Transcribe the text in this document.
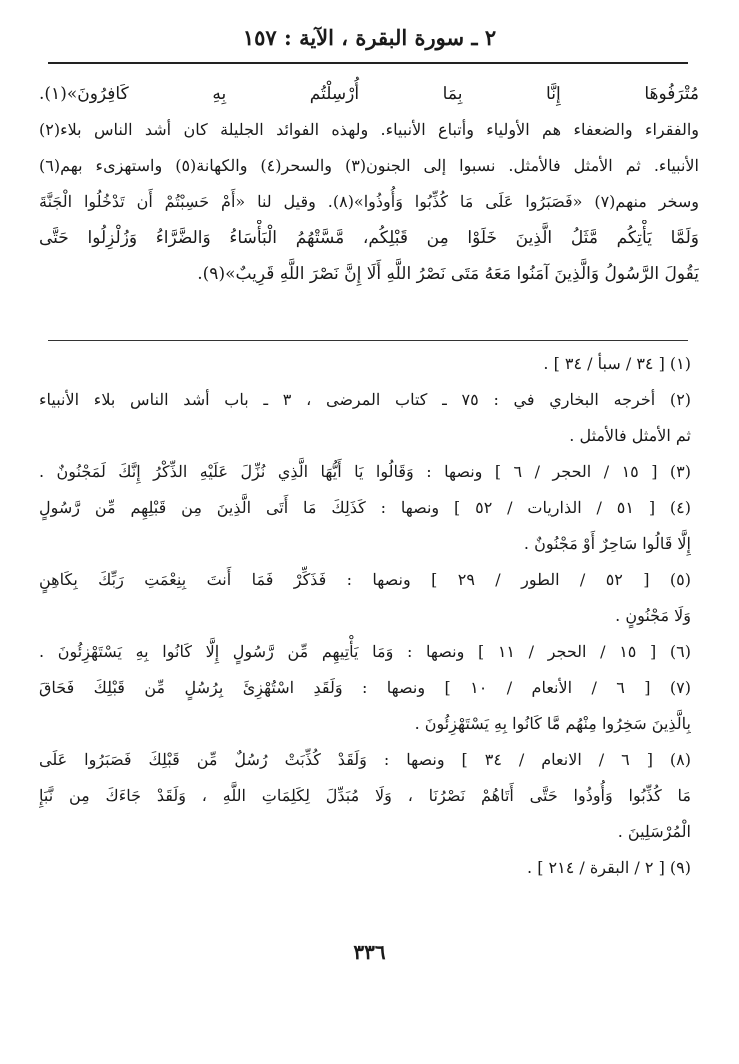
٢ ـ سورة البقرة ، الآية : ١٥٧
مُتْرَفُوهَا إِنَّا بِمَا أُرْسِلْتُم بِهِ كَافِرُونَ»(١).
والفقراء والضعفاء هم الأولياء وأتباع الأنبياء. ولهذه الفوائد الجليلة كان أشد الناس بلاء(٢)
الأنبياء. ثم الأمثل فالأمثل. نسبوا إلى الجنون(٣) والسحر(٤) والكهانة(٥) واستهزىء بهم(٦)
وسخر منهم(٧) «فَصَبَرُوا عَلَى مَا كُذِّبُوا وَأُوذُوا»(٨). وقيل لنا «أَمْ حَسِبْتُمْ أَن تَدْخُلُوا الْجَنَّةَ
وَلَمَّا يَأْتِكُم مَّثَلُ الَّذِينَ خَلَوْا مِن قَبْلِكُم، مَّسَّتْهُمُ الْبَأْسَاءُ وَالضَّرَّاءُ وَزُلْزِلُوا حَتَّى
يَقُولَ الرَّسُولُ وَالَّذِينَ آمَنُوا مَعَهُ مَتَى نَصْرُ اللَّهِ أَلَا إِنَّ نَصْرَ اللَّهِ قَرِيبٌ»(٩).
(١) [ ٣٤ / سبأ / ٣٤ ] .
(٢) أخرجه البخاري في : ٧٥ ـ كتاب المرضى ، ٣ ـ باب أشد الناس بلاء الأنبياء
ثم الأمثل فالأمثل .
(٣) [ ١٥ / الحجر / ٦ ] ونصها : وَقَالُوا يَا أَيُّهَا الَّذِي نُزِّلَ عَلَيْهِ الذِّكْرُ إِنَّكَ لَمَجْنُونٌ .
(٤) [ ٥١ / الذاريات / ٥٢ ] ونصها : كَذَلِكَ مَا أَتَى الَّذِينَ مِن قَبْلِهِم مِّن رَّسُولٍ
إِلَّا قَالُوا سَاحِرٌ أَوْ مَجْنُونٌ .
(٥) [ ٥٢ / الطور / ٢٩ ] ونصها : فَذَكِّرْ فَمَا أَنتَ بِنِعْمَتِ رَبِّكَ بِكَاهِنٍ
وَلَا مَجْنُونٍ .
(٦) [ ١٥ / الحجر / ١١ ] ونصها : وَمَا يَأْتِيهِم مِّن رَّسُولٍ إِلَّا كَانُوا بِهِ يَسْتَهْزِئُونَ .
(٧) [ ٦ / الأنعام / ١٠ ] ونصها : وَلَقَدِ اسْتُهْزِئَ بِرُسُلٍ مِّن قَبْلِكَ فَحَاقَ
بِالَّذِينَ سَخِرُوا مِنْهُم مَّا كَانُوا بِهِ يَسْتَهْزِئُونَ .
(٨) [ ٦ / الانعام / ٣٤ ] ونصها : وَلَقَدْ كُذِّبَتْ رُسُلٌ مِّن قَبْلِكَ فَصَبَرُوا عَلَى
مَا كُذِّبُوا وَأُوذُوا حَتَّى أَتَاهُمْ نَصْرُنَا ، وَلَا مُبَدِّلَ لِكَلِمَاتِ اللَّهِ ، وَلَقَدْ جَاءَكَ مِن نَّبَإِ
الْمُرْسَلِينَ .
(٩) [ ٢ / البقرة / ٢١٤ ] .
٣٣٦
